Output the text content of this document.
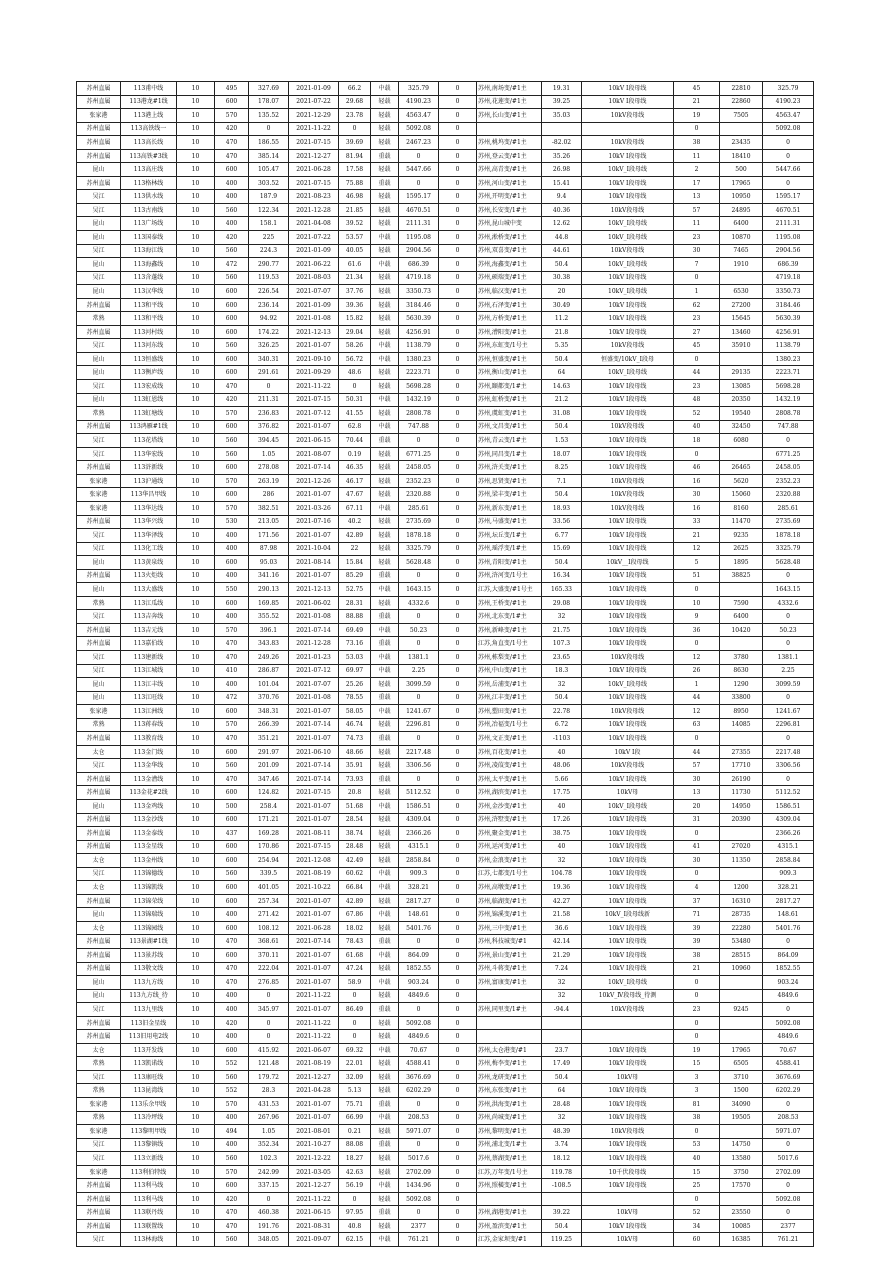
苏州直属	113甫中线	10	495	327.69	2021-01-09	66.2	中载	325.79	0	苏州,南场变/#1主	19.31	10kV Ⅰ段母线	45	22810	325.79
苏州直属	113港龙#1线	10	600	178.07	2021-07-22	29.68	轻载	4190.23	0	苏州,花莲变/#1主	39.25	10kV Ⅰ段母线	21	22860	4190.23
张家港	113港上线	10	570	135.52	2021-12-29	23.78	轻载	4563.47	0	苏州,长山变/#1主	35.03	10kV段母线	19	7505	4563.47
苏州直属	113高铁线一	10	420	0	2021-11-22	0	轻载	5092.08	0				0		5092.08
苏州直属	113高长线	10	470	186.55	2021-07-15	39.69	轻载	2467.23	0	苏州,桃坞变/#1主	-82.02	10kV段母线	38	23435	0
苏州直属	113高铁#3线	10	470	385.14	2021-12-27	81.94	重载	0	0	苏州,登云变/#1主	35.26	10kV Ⅰ段母线	11	18410	0
昆山	113高庄线	10	600	105.47	2021-06-28	17.58	轻载	5447.66	0	苏州,高青变/#1主	26.98	10kV_Ⅰ段母线	2	500	5447.66
苏州直属	113格林线	10	400	303.52	2021-07-15	75.88	重载	0	0	苏州,河山变/#1主	15.41	10kV Ⅰ段母线	17	17965	0
吴江	113供水线	10	400	187.9	2021-08-23	46.98	轻载	1595.17	0	苏州,开明变/#1主	9.4	10kV Ⅰ段母线	13	10950	1595.17
吴江	113古南线	10	560	122.34	2021-12-28	21.85	轻载	4670.51	0	苏州,长安变/1#主	40.36	10kV段母线	57	24895	4670.51
昆山	113广场线	10	400	158.1	2021-04-08	39.52	轻载	2111.31	0	苏州,昆山城中变	12.62	10kV_Ⅰ段母线	11	6400	2111.31
昆山	113国泰线	10	420	225	2021-07-22	53.57	中载	1195.08	0	苏州,淞桥变/#1主	44.8	10kV_Ⅰ段母线	23	10870	1195.08
吴江	113海江线	10	560	224.3	2021-01-09	40.05	轻载	2904.56	0	苏州,双喜变/#1主	44.61	10kV段母线	30	7465	2904.56
昆山	113海鑫线	10	472	290.77	2021-06-22	61.6	中载	686.39	0	苏州,海鑫变/#1主	50.4	10kV_Ⅰ段母线	7	1910	686.39
吴江	113含蓬线	10	560	119.53	2021-08-03	21.34	轻载	4719.18	0	苏州,硕瑞变/#1主	30.38	10kV Ⅰ段母线	0		4719.18
昆山	113汉华线	10	600	226.54	2021-07-07	37.76	轻载	3350.73	0	苏州,临汉变/#1主	20	10kV_Ⅰ段母线	1	6530	3350.73
苏州直属	113和平线	10	600	236.14	2021-01-09	39.36	轻载	3184.46	0	苏州,石泽变/#1主	30.49	10kV Ⅰ段母线	62	27200	3184.46
常熟	113和平线	10	600	94.92	2021-01-08	15.82	轻载	5630.39	0	苏州,方桥变/#1主	11.2	10kV Ⅰ段母线	23	15645	5630.39
苏州直属	113河村线	10	600	174.22	2021-12-13	29.04	轻载	4256.91	0	苏州,漕阳变/#1主	21.8	10kV Ⅰ段母线	27	13460	4256.91
吴江	113河东线	10	560	326.25	2021-01-07	58.26	中载	1138.79	0	苏州,东虹变/1号主	5.35	10kV段母线	45	35910	1138.79
昆山	113恒盛线	10	600	340.31	2021-09-10	56.72	中载	1380.23	0	苏州,恒盛变/#1主	50.4	恒盛变/10kV_Ⅰ段母	0		1380.23
昆山	113衡庐线	10	600	291.61	2021-09-29	48.6	轻载	2223.71	0	苏州,衡山变/#1主	64	10kV_Ⅰ段母线	44	29135	2223.71
吴江	113宏成线	10	470	0	2021-11-22	0	轻载	5698.28	0	苏州,颐都变/1#主	14.63	10kV Ⅰ段母线	23	13085	5698.28
昆山	113虹恩线	10	420	211.31	2021-07-15	50.31	中载	1432.19	0	苏州,虹桥变/#1主	21.2	10kV Ⅰ段母线	48	20350	1432.19
常熟	113虹塘线	10	570	236.83	2021-07-12	41.55	轻载	2808.78	0	苏州,虞虹变/#1主	31.08	10kV Ⅰ段母线	52	19540	2808.78
苏州直属	113鸿雁#1线	10	600	376.82	2021-01-07	62.8	中载	747.88	0	苏州,文昌变/#1主	50.4	10kV段母线	40	32450	747.88
吴江	113花塔线	10	560	394.45	2021-06-15	70.44	重载	0	0	苏州,青云变/1#主	1.53	10kV Ⅰ段母线	18	6080	0
吴江	113华宏线	10	560	1.05	2021-08-07	0.19	轻载	6771.25	0	苏州,同昌变/1#主	18.07	10kV Ⅰ段母线	0		6771.25
苏州直属	113浒新线	10	600	278.08	2021-07-14	46.35	轻载	2458.05	0	苏州,浒关变/#1主	8.25	10kV Ⅰ段母线	46	26465	2458.05
张家港	113沪通线	10	570	263.19	2021-12-26	46.17	轻载	2352.23	0	苏州,思贤变/#1主	7.1	10kV段母线	16	5620	2352.23
张家港	113华昌甲线	10	600	286	2021-01-07	47.67	轻载	2320.88	0	苏州,梁丰变/#1主	50.4	10kV段母线	30	15060	2320.88
张家港	113华达线	10	570	382.51	2021-03-26	67.11	中载	285.61	0	苏州,新东变/#1主	18.93	10kV段母线	16	8160	285.61
苏州直属	113华兴线	10	530	213.05	2021-07-16	40.2	轻载	2735.69	0	苏州,马盛变/#1主	33.56	10kV Ⅰ段母线	33	11470	2735.69
吴江	113华泽线	10	400	171.56	2021-01-07	42.89	轻载	1878.18	0	苏州,坛丘变/1#主	6.77	10kV Ⅰ段母线	21	9235	1878.18
吴江	113化工线	10	400	87.98	2021-10-04	22	轻载	3325.79	0	苏州,瑶浮变/1#主	15.69	10kV Ⅰ段母线	12	2625	3325.79
昆山	113黄泉线	10	600	95.03	2021-08-14	15.84	轻载	5628.48	0	苏州,青阳变/#1主	50.4	10kV__Ⅰ段母线	5	1895	5628.48
苏州直属	113火炬线	10	400	341.16	2021-01-07	85.29	重载	0	0	苏州,浒河变/1号主	16.34	10kV Ⅰ段母线	51	38825	0
昆山	113大盛线	10	550	290.13	2021-12-13	52.75	中载	1643.15	0	江苏,大盛变/#1号主	165.33	10kV Ⅰ段母线	0		1643.15
常熟	113江瓜线	10	600	169.85	2021-06-02	28.31	轻载	4332.6	0	苏州,王桥变/#1主	29.08	10kV Ⅰ段母线	10	7590	4332.6
吴江	113吉奔线	10	400	355.52	2021-01-08	88.88	重载	0	0	苏州,北东变/1#主	32	10kV Ⅰ段母线	9	6400	0
苏州直属	113吉元线	10	570	396.1	2021-07-14	69.49	中载	50.23	0	苏州,新峰变/#1主	21.75	10kV Ⅰ段母线	36	10420	50.23
苏州直属	113嘉伯线	10	470	343.83	2021-12-28	73.16	重载	0	0	江苏,角直变/1号主	107.3	10kV Ⅰ段母线	0		0
吴江	113建新线	10	470	249.26	2021-01-23	53.03	中载	1381.1	0	苏州,栋梨变/#1主	23.65	10kV段母线	12	3780	1381.1
吴江	113江城线	10	410	286.87	2021-07-12	69.97	中载	2.25	0	苏州,中山变/#1主	18.3	10kV Ⅰ段母线	26	8630	2.25
昆山	113江丰线	10	400	101.04	2021-07-07	25.26	轻载	3099.59	0	苏州,岳浦变/#1主	32	10kV_Ⅰ段母线	1	1290	3099.59
昆山	113江旺线	10	472	370.76	2021-01-08	78.55	重载	0	0	苏州,江丰变/#1主	50.4	10kV Ⅰ段母线	44	33800	0
张家港	113江洲线	10	600	348.31	2021-01-07	58.05	中载	1241.67	0	苏州,塑田变/#1主	22.78	10kV段母线	12	8950	1241.67
常熟	113蒋春线	10	570	266.39	2021-07-14	46.74	轻载	2296.81	0	苏州,冶福变/1号主	6.72	10kV Ⅰ段母线	63	14085	2296.81
苏州直属	113教育线	10	470	351.21	2021-01-07	74.73	重载	0	0	苏州,文正变/#1主	-1103	10kV Ⅰ段母线	0		0
太仓	113金门线	10	600	291.97	2021-06-10	48.66	轻载	2217.48	0	苏州,百花变/#1主	40	10kV Ⅰ段	44	27355	2217.48
吴江	113金华线	10	560	201.09	2021-07-14	35.91	轻载	3306.56	0	苏州,凌葭变/#1主	48.06	10kV段母线	57	17710	3306.56
苏州直属	113金漕线	10	470	347.46	2021-07-14	73.93	重载	0	0	苏州,太平变/#1主	5.66	10kV Ⅰ段母线	30	26190	0
苏州直属	113金花#2线	10	600	124.82	2021-07-15	20.8	轻载	5112.52	0	苏州,湖滨变/#1主	17.75	10kV母	13	11730	5112.52
昆山	113金鸡线	10	500	258.4	2021-01-07	51.68	中载	1586.51	0	苏州,金沙变/#1主	40	10kV_Ⅰ段母线	20	14950	1586.51
苏州直属	113金沙线	10	600	171.21	2021-01-07	28.54	轻载	4309.04	0	苏州,浒墅变/#1主	17.26	10kV Ⅰ段母线	31	20390	4309.04
苏州直属	113金泰线	10	437	169.28	2021-08-11	38.74	轻载	2366.26	0	苏州,聚金变/#1主	38.75	10kV Ⅰ段母线	0		2366.26
苏州直属	113金星线	10	600	170.86	2021-07-15	28.48	轻载	4315.1	0	苏州,运河变/#1主	40	10kV Ⅰ段母线	41	27020	4315.1
太仓	113金州线	10	600	254.94	2021-12-08	42.49	轻载	2858.84	0	苏州,金浪变/#1主	32	10kV Ⅰ段母线	30	11350	2858.84
吴江	113锦德线	10	560	339.5	2021-08-19	60.62	中载	909.3	0	江苏,七都变/1号主	104.78	10kV Ⅰ段母线	0		909.3
太仓	113锦凯线	10	600	401.05	2021-10-22	66.84	中载	328.21	0	苏州,高墩变/#1主	19.36	10kV Ⅰ段母线	4	1200	328.21
苏州直属	113锦荣线	10	600	257.34	2021-01-07	42.89	轻载	2817.27	0	苏州,临湖变/#1主	42.27	10kV Ⅰ段母线	37	16310	2817.27
昆山	113锦瑞线	10	400	271.42	2021-01-07	67.86	中载	148.61	0	苏州,锦溪变/#1主	21.58	10kV_Ⅰ段母线新	71	28735	148.61
太仓	113锦园线	10	600	108.12	2021-06-28	18.02	轻载	5401.76	0	苏州,三中变/#1主	36.6	10kV Ⅰ段母线	39	22280	5401.76
苏州直属	113景湖#1线	10	470	368.61	2021-07-14	78.43	重载	0	0	苏州,科技城变/#1	42.14	10kV Ⅰ段母线	39	53480	0
苏州直属	113景苏线	10	600	370.11	2021-01-07	61.68	中载	864.09	0	苏州,景山变/#1主	21.29	10kV Ⅰ段母线	38	28515	864.09
苏州直属	113敬文线	10	470	222.04	2021-01-07	47.24	轻载	1852.55	0	苏州,斗蒋变/#1主	7.24	10kV Ⅰ段母线	21	10960	1852.55
昆山	113九方线	10	470	276.85	2021-01-07	58.9	中载	903.24	0	苏州,富康变/#1主	32	10kV_Ⅰ段母线	0		903.24
昆山	113九方线_待	10	400	0	2021-11-22	0	轻载	4849.6	0		32	10kV_Ⅳ段母线_待测	0		4849.6
吴江	113九里线	10	400	345.97	2021-01-07	86.49	重载	0	0	苏州,同里变/1#主	-94.4	10kV段母线	23	9245	0
苏州直属	113旧金星线	10	420	0	2021-11-22	0	轻载	5092.08	0				0		5092.08
苏州直属	113旧用电2线	10	400	0	2021-11-22	0	轻载	4849.6	0				0		4849.6
太仓	113开发线	10	600	415.92	2021-06-07	69.32	中载	70.67	0	苏州,太仓港变/#1	23.7	10kV Ⅰ段母线	19	17965	70.67
常熟	113凯诺线	10	552	121.48	2021-08-19	22.01	轻载	4588.41	0	苏州,梅李变/#1主	17.49	10kV Ⅰ段母线	15	6505	4588.41
吴江	113康旺线	10	560	179.72	2021-12-27	32.09	轻载	3676.69	0	苏州,龙研变/#1主	50.4	10kV母	3	3710	3676.69
常熟	113昆湾线	10	552	28.3	2021-04-28	5.13	轻载	6202.29	0	苏州,东张变/#1主	64	10kV Ⅰ段母线	3	1500	6202.29
张家港	113乐余甲线	10	570	431.53	2021-01-07	75.71	重载	0	0	苏州,洪海变/#1主	28.48	10kV Ⅰ段母线	81	34090	0
常熟	113冷坪线	10	400	267.96	2021-01-07	66.99	中载	208.53	0	苏州,尚城变/#1主	32	10kV Ⅰ段母线	38	19505	208.53
张家港	113黎明甲线	10	494	1.05	2021-08-01	0.21	轻载	5971.07	0	苏州,黎明变/#1主	48.39	10kV段母线	0		5971.07
吴江	113黎镇线	10	400	352.34	2021-10-27	88.08	重载	0	0	苏州,浦北变/1#主	3.74	10kV Ⅰ段母线	53	14750	0
吴江	113立新线	10	560	102.3	2021-12-22	18.27	轻载	5017.6	0	苏州,蔡湖变/#1主	18.12	10kV Ⅰ段母线	40	13580	5017.6
张家港	113利伯特线	10	570	242.99	2021-03-05	42.63	轻载	2702.09	0	江苏,万年变/1号主	119.78	10千伏段母线	15	3750	2702.09
苏州直属	113利马线	10	600	337.15	2021-12-27	56.19	中载	1434.96	0	苏州,照橫变/#1主	-108.5	10kV Ⅰ段母线	25	17570	0
苏州直属	113利马线	10	420	0	2021-11-22	0	轻载	5092.08	0				0		5092.08
苏州直属	113联丹线	10	470	460.38	2021-06-15	97.95	重载	0	0	苏州,湖港变/#1主	39.22	10kV母	52	23550	0
苏州直属	113联置线	10	470	191.76	2021-08-31	40.8	轻载	2377	0	苏州,盈滨变/#1主	50.4	10kV Ⅰ段母线	34	10085	2377
吴江	113林海线	10	560	348.05	2021-09-07	62.15	中载	761.21	0	江苏,金家坝变/#1	119.25	10kV母	60	16385	761.21
